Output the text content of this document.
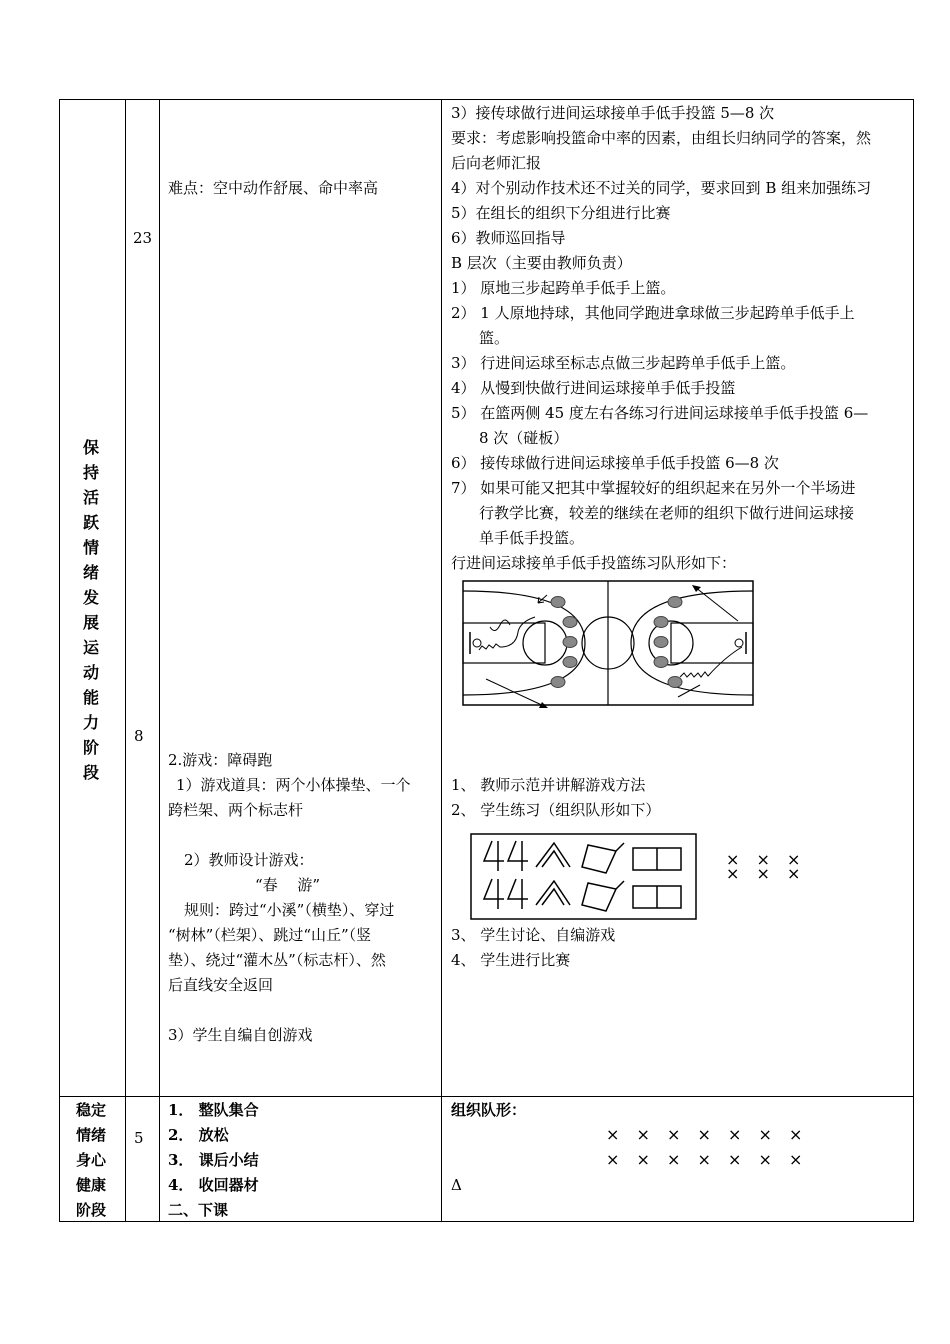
保
持
活
跃
情
绪
发
展
运
动
能
力
阶
段
23
8
难点：空中动作舒展、命中率高
2.游戏：障碍跑
1）游戏道具：两个小体操垫、一个
跨栏架、两个标志杆
2）教师设计游戏：
“春　 游”
规则：跨过“小溪”（横垫）、穿过
“树林”（栏架）、跳过“山丘”（竖
垫）、绕过“灌木丛”（标志杆）、然
后直线安全返回
3）学生自编自创游戏
3）接传球做行进间运球接单手低手投篮 5—8 次
要求：考虑影响投篮命中率的因素，由组长归纳同学的答案，然
后向老师汇报
4）对个别动作技术还不过关的同学，要求回到 B 组来加强练习
5）在组长的组织下分组进行比赛
6）教师巡回指导
B 层次（主要由教师负责）
1） 原地三步起跨单手低手上篮。
2） 1 人原地持球，其他同学跑进拿球做三步起跨单手低手上
篮。
3） 行进间运球至标志点做三步起跨单手低手上篮。
4） 从慢到快做行进间运球接单手低手投篮
5） 在篮两侧 45 度左右各练习行进间运球接单手低手投篮 6—
8 次（碰板）
6） 接传球做行进间运球接单手低手投篮 6—8 次
7） 如果可能又把其中掌握较好的组织起来在另外一个半场进
行教学比赛，较差的继续在老师的组织下做行进间运球接
单手低手投篮。
行进间运球接单手低手投篮练习队形如下：
1、 教师示范并讲解游戏方法
2、 学生练习（组织队形如下）
× × ×
× × ×
3、 学生讨论、自编游戏
4、 学生进行比赛
稳定
情绪
身心
健康
阶段
5
1． 整队集合
2． 放松
3． 课后小结
4． 收回器材
二、下课
组织队形：
× × × × × × ×
× × × × × × ×
Δ
